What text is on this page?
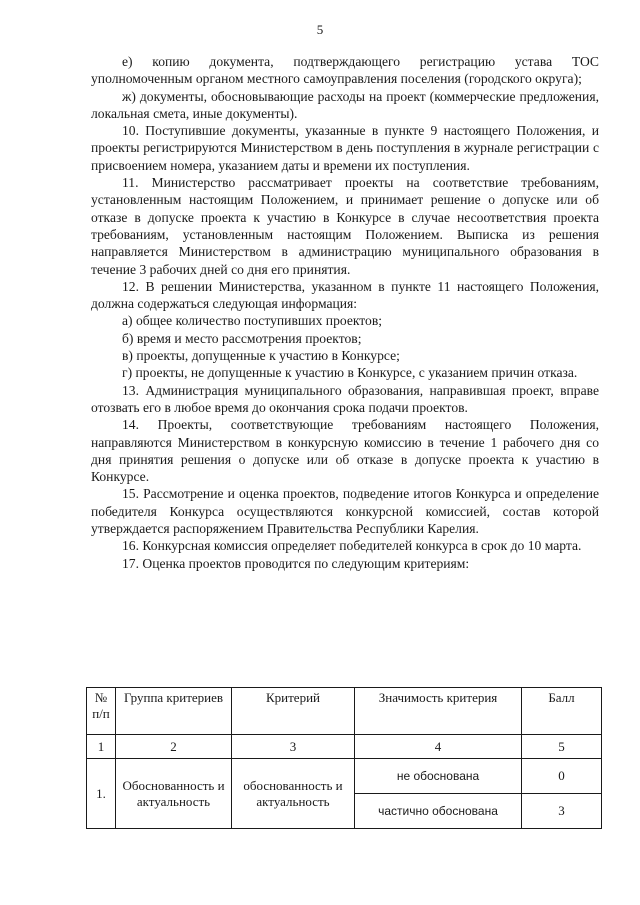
5

е) копию документа, подтверждающего регистрацию устава ТОС уполномоченным органом местного самоуправления поселения (городского округа);

ж) документы, обосновывающие расходы на проект (коммерческие предложения, локальная смета, иные документы).

10. Поступившие документы, указанные в пункте 9 настоящего Положения, и проекты регистрируются Министерством в день поступления в журнале регистрации с присвоением номера, указанием даты и времени их поступления.

11. Министерство рассматривает проекты на соответствие требованиям, установленным настоящим Положением, и принимает решение о допуске или об отказе в допуске проекта к участию в Конкурсе в случае несоответствия проекта требованиям, установленным настоящим Положением. Выписка из решения направляется Министерством в администрацию муниципального образования в течение 3 рабочих дней со дня его принятия.

12. В решении Министерства, указанном в пункте 11 настоящего Положения, должна содержаться следующая информация:

а) общее количество поступивших проектов;

б) время и место рассмотрения проектов;

в) проекты, допущенные к участию в Конкурсе;

г) проекты, не допущенные к участию в Конкурсе, с указанием причин отказа.

13. Администрация муниципального образования, направившая проект, вправе отозвать его в любое время до окончания срока подачи проектов.

14. Проекты, соответствующие требованиям настоящего Положения, направляются Министерством в конкурсную комиссию в течение 1 рабочего дня со дня принятия решения о допуске или об отказе в допуске проекта к участию в Конкурсе.

15. Рассмотрение и оценка проектов, подведение итогов Конкурса и определение победителя Конкурса осуществляются конкурсной комиссией, состав которой утверждается распоряжением Правительства Республики Карелия.

16. Конкурсная комиссия определяет победителей конкурса в срок до 10 марта.

17. Оценка проектов проводится по следующим критериям:

№ п/п	Группа критериев	Критерий	Значимость критерия	Балл
1	2	3	4	5
1.	Обоснованность и актуальность	обоснованность и актуальность	не обоснована	0
			частично обоснована	3
